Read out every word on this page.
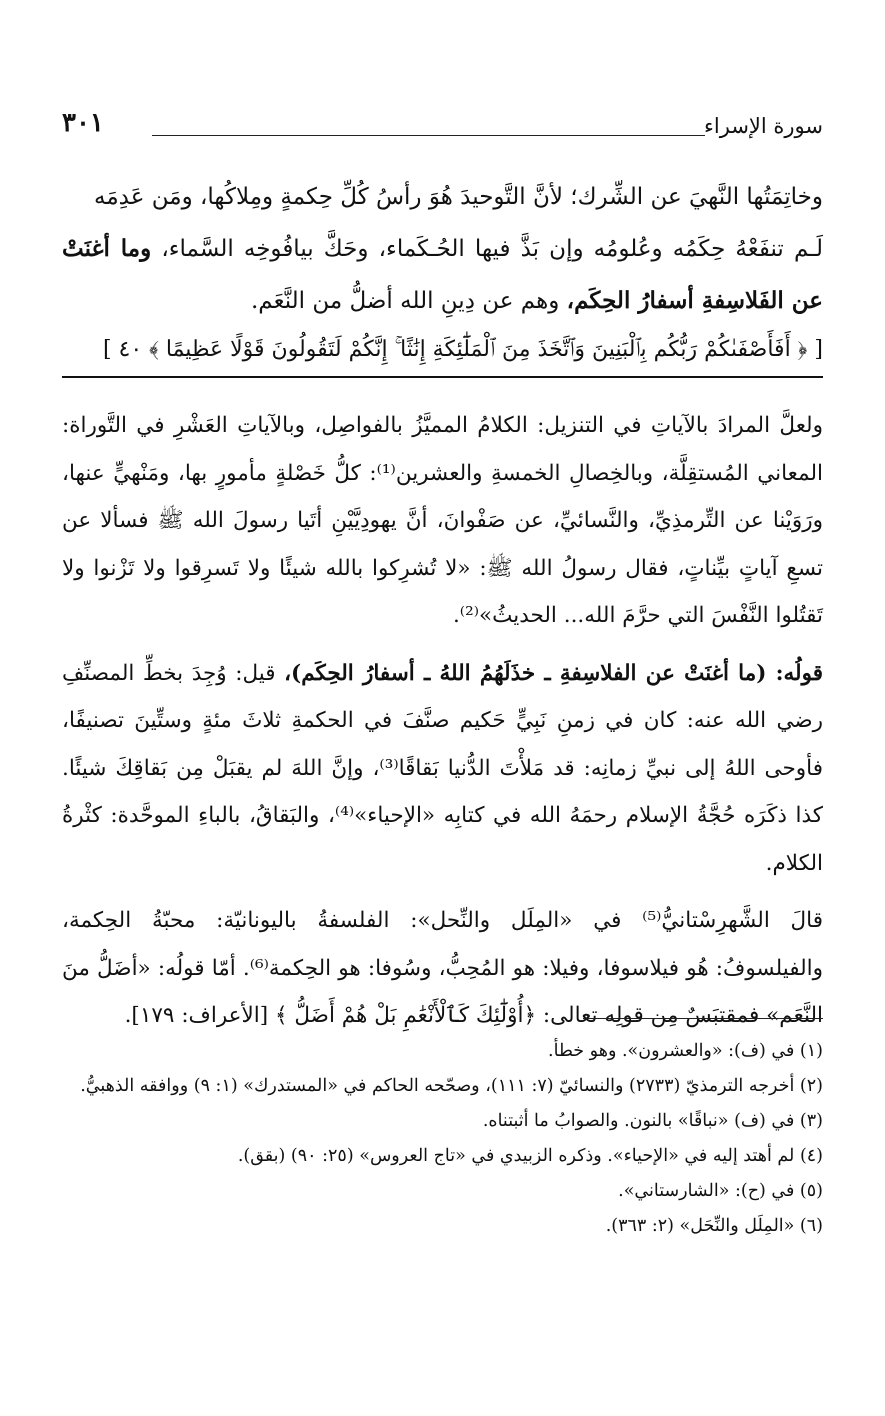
سورة الإسراء
٣٠١

وخاتِمَتُها النَّهيَ عن الشِّرك؛ لأنَّ التَّوحيدَ هُوَ رأسُ كُلِّ حِكمةٍ ومِلاكُها، ومَن عَدِمَه

لَـم تنفَعْهُ حِكَمُه وعُلومُه وإن بَذَّ فيها الحُـكَماء، وحَكَّ بيافُوخِه السَّماء، وما أغنَتْ عن الفَلاسِفةِ أسفارُ الحِكَم، وهم عن دِينِ الله أضلُّ من النَّعَم.

[ ﴿ أَفَأَصْفَىٰكُمْ رَبُّكُم بِٱلْبَنِينَ وَٱتَّخَذَ مِنَ ٱلْمَلَٰٓئِكَةِ إِنَٰثًا ۚ إِنَّكُمْ لَتَقُولُونَ قَوْلًا عَظِيمًا ﴾ ٤٠ ]

ولعلَّ المرادَ بالآياتِ في التنزيل: الكلامُ المميَّزُ بالفواصِل، وبالآياتِ العَشْرِ في التَّوراة: المعاني المُستقِلَّة، وبالخِصالِ الخمسةِ والعشرين⁽¹⁾: كلُّ خَصْلةٍ مأمورٍ بها، ومَنْهيٍّ عنها، ورَوَيْنا عن التِّرمذِيِّ، والنَّسائيِّ، عن صَفْوانَ، أنَّ يهودِيَّيْنِ أتَيا رسولَ الله ﷺ فسألا عن تسعِ آياتٍ بيِّناتٍ، فقال رسولُ الله ﷺ: «لا تُشرِكوا بالله شيئًا ولا تَسرِقوا ولا تَزْنوا ولا تَقتُلوا النَّفْسَ التي حرَّمَ الله... الحديثُ»⁽²⁾.

قولُه: (ما أغنَتْ عن الفلاسِفةِ ـ خذَلَهُمُ اللهُ ـ أسفارُ الحِكَم)، قيل: وُجِدَ بخطِّ المصنِّفِ رضي الله عنه: كان في زمنِ نَبِيٍّ حَكيم صنَّفَ في الحكمةِ ثلاثَ مئةٍ وستِّينَ تصنيفًا، فأوحى اللهُ إلى نبيِّ زمانِه: قد مَلأْتَ الدُّنيا بَقاقًا⁽³⁾، وإنَّ اللهَ لم يقبَلْ مِن بَقاقِكَ شيئًا. كذا ذكَرَه حُجَّةُ الإسلام رحمَهُ الله في كتابِه «الإحياء»⁽⁴⁾، والبَقاقُ، بالباءِ الموحَّدة: كثْرةُ الكلام.

قالَ الشَّهرِسْتانيُّ⁽⁵⁾ في «المِلَل والنِّحل»: الفلسفةُ باليونانيّة: محبّةُ الحِكمة، والفيلسوفُ: هُو فيلاسوفا، وفيلا: هو المُحِبُّ، وسُوفا: هو الحِكمة⁽⁶⁾. أمّا قولُه: «أضَلُّ منَ النَّعَم» فمقتبَسٌ مِن قولِه تعالى: ﴿أُوْلَٰٓئِكَ كَٱلْأَنْعَٰمِ بَلْ هُمْ أَضَلُّ ﴾ [الأعراف: ١٧٩].

(١) في (ف): «والعشرون». وهو خطأ.

(٢) أخرجه الترمذيّ (٢٧٣٣) والنسائيّ (٧: ١١١)، وصحّحه الحاكم في «المستدرك» (١: ٩) ووافقه الذهبيُّ.

(٣) في (ف) «نباقًا» بالنون. والصوابُ ما أثبتناه.

(٤) لم أهتد إليه في «الإحياء». وذكره الزبيدي في «تاج العروس» (٢٥: ٩٠) (بقق).

(٥) في (ح): «الشارستاني».

(٦) «المِلَل والنِّحَل» (٢: ٣٦٣).
